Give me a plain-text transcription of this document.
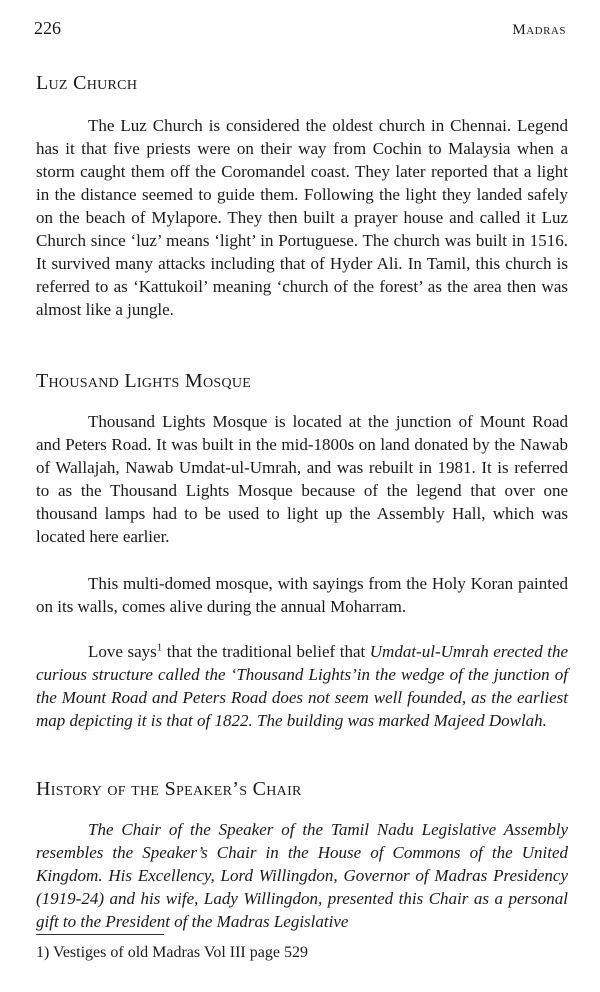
226	Madras
Luz Church

The Luz Church is considered the oldest church in Chennai. Legend has it that five priests were on their way from Cochin to Malaysia when a storm caught them off the Coromandel coast. They later reported that a light in the distance seemed to guide them. Following the light they landed safely on the beach of Mylapore. They then built a prayer house and called it Luz Church since ‘luz’ means ‘light’ in Portuguese. The church was built in 1516. It survived many attacks including that of Hyder Ali. In Tamil, this church is referred to as ‘Kattukoil’ meaning ‘church of the forest’ as the area then was almost like a jungle.

Thousand Lights Mosque

Thousand Lights Mosque is located at the junction of Mount Road and Peters Road. It was built in the mid-1800s on land donated by the Nawab of Wallajah, Nawab Umdat-ul-Umrah, and was rebuilt in 1981. It is referred to as the Thousand Lights Mosque because of the legend that over one thousand lamps had to be used to light up the Assembly Hall, which was located here earlier.

This multi-domed mosque, with sayings from the Holy Koran painted on its walls, comes alive during the annual Moharram.

Love says$^1$ that the traditional belief that Umdat-ul-Umrah erected the curious structure called the ‘Thousand Lights’in the wedge of the junction of the Mount Road and Peters Road does not seem well founded, as the earliest map depicting it is that of 1822. The building was marked Majeed Dowlah.

History of the Speaker’s Chair

The Chair of the Speaker of the Tamil Nadu Legislative Assembly resembles the Speaker’s Chair in the House of Commons of the United Kingdom. His Excellency, Lord Willingdon, Governor of Madras Presidency (1919-24) and his wife, Lady Willingdon, presented this Chair as a personal gift to the President of the Madras Legislative

1) Vestiges of old Madras Vol III page 529
